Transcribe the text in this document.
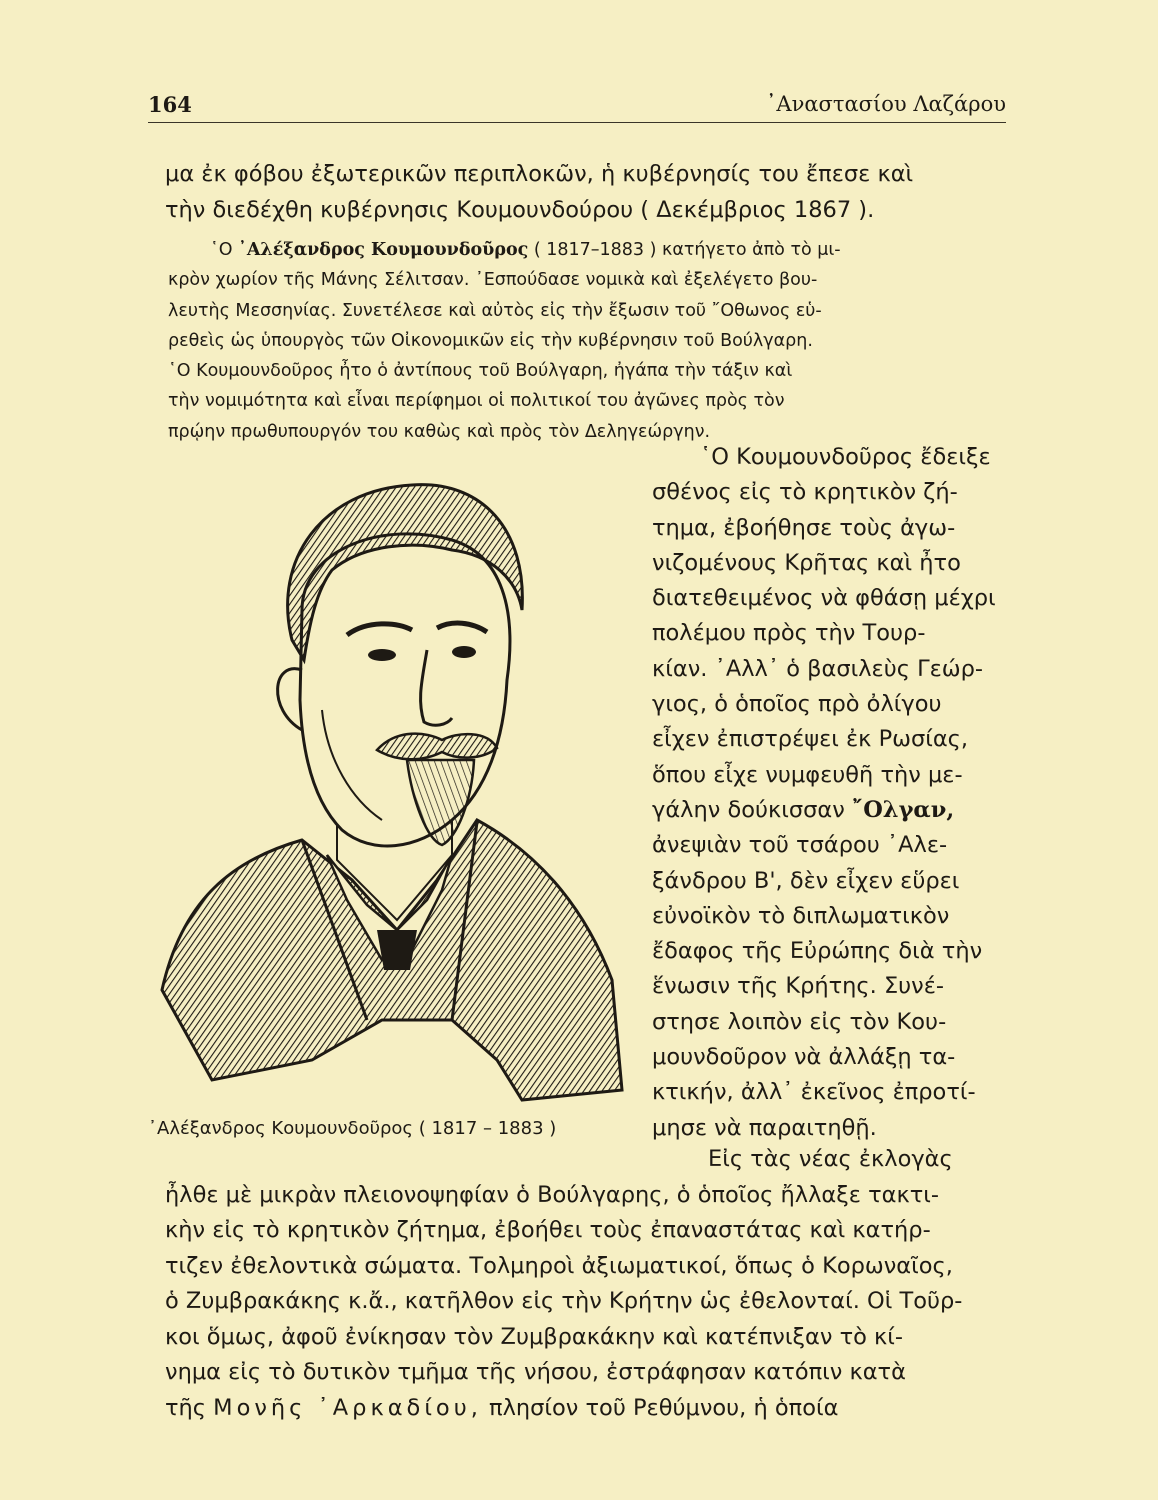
164	᾿Αναστασίου Λαζάρου

μα ἐκ φόβου ἐξωτερικῶν περιπλοκῶν, ἡ κυβέρνησίς του ἔπεσε καὶ
τὴν διεδέχθη κυβέρνησις Κουμουνδούρου ( Δεκέμβριος 1867 ).

῾Ο ᾿Αλέξανδρος Κουμουνδοῦρος ( 1817–1883 ) κατήγετο ἀπὸ τὸ μι-
κρὸν χωρίον τῆς Μάνης Σέλιτσαν. ᾿Εσπούδασε νομικὰ καὶ ἐξελέγετο βου-
λευτὴς Μεσσηνίας. Συνετέλεσε καὶ αὐτὸς εἰς τὴν ἔξωσιν τοῦ ῎Οθωνος εὑ-
ρεθεὶς ὡς ὑπουργὸς τῶν Οἰκονομικῶν εἰς τὴν κυβέρνησιν τοῦ Βούλγαρη.
῾Ο Κουμουνδοῦρος ἦτο ὁ ἀντίπους τοῦ Βούλγαρη, ἠγάπα τὴν τάξιν καὶ
τὴν νομιμότητα καὶ εἶναι περίφημοι οἱ πολιτικοί του ἀγῶνες πρὸς τὸν
πρῴην πρωθυπουργόν του καθὼς καὶ πρὸς τὸν Δεληγεώργην.

᾿Αλέξανδρος Κουμουνδοῦρος ( 1817 – 1883 )

῾Ο Κουμουνδοῦρος ἔδειξε
σθένος εἰς τὸ κρητικὸν ζή-
τημα, ἐβοήθησε τοὺς ἀγω-
νιζομένους Κρῆτας καὶ ἦτο
διατεθειμένος νὰ φθάσῃ μέχρι
πολέμου πρὸς τὴν Τουρ-
κίαν. ᾿Αλλ᾿ ὁ βασιλεὺς Γεώρ-
γιος, ὁ ὁποῖος πρὸ ὀλίγου
εἶχεν ἐπιστρέψει ἐκ Ρωσίας,
ὅπου εἶχε νυμφευθῆ τὴν με-
γάλην δούκισσαν ῎Ολγαν,
ἀνεψιὰν τοῦ τσάρου ᾿Αλε-
ξάνδρου Β', δὲν εἶχεν εὕρει
εὐνοϊκὸν τὸ διπλωματικὸν
ἔδαφος τῆς Εὐρώπης διὰ τὴν
ἕνωσιν τῆς Κρήτης. Συνέ-
στησε λοιπὸν εἰς τὸν Κου-
μουνδοῦρον νὰ ἀλλάξῃ τα-
κτικήν, ἀλλ᾿ ἐκεῖνος ἐπροτί-
μησε νὰ παραιτηθῇ.

Εἰς τὰς νέας ἐκλογὰς
ἦλθε μὲ μικρὰν πλειονοψηφίαν ὁ Βούλγαρης, ὁ ὁποῖος ἤλλαξε τακτι-
κὴν εἰς τὸ κρητικὸν ζήτημα, ἐβοήθει τοὺς ἐπαναστάτας καὶ κατήρ-
τιζεν ἐθελοντικὰ σώματα. Τολμηροὶ ἀξιωματικοί, ὅπως ὁ Κορωναῖος,
ὁ Ζυμβρακάκης κ.ἄ., κατῆλθον εἰς τὴν Κρήτην ὡς ἐθελονταί. Οἱ Τοῦρ-
κοι ὅμως, ἀφοῦ ἐνίκησαν τὸν Ζυμβρακάκην καὶ κατέπνιξαν τὸ κί-
νημα εἰς τὸ δυτικὸν τμῆμα τῆς νήσου, ἐστράφησαν κατόπιν κατὰ
τῆς Μονῆς ᾿Αρκαδίου, πλησίον τοῦ Ρεθύμνου, ἡ ὁποία
